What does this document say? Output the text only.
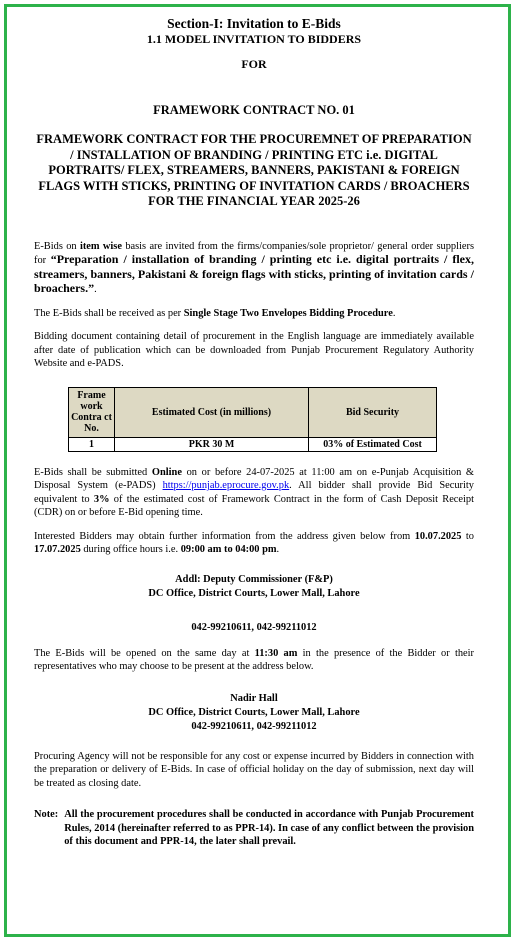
Section-I: Invitation to E-Bids
1.1 MODEL INVITATION TO BIDDERS
FOR
FRAMEWORK CONTRACT NO. 01
FRAMEWORK CONTRACT FOR THE PROCUREMNET OF PREPARATION / INSTALLATION OF BRANDING / PRINTING ETC i.e. DIGITAL PORTRAITS/ FLEX, STREAMERS, BANNERS, PAKISTANI & FOREIGN FLAGS WITH STICKS, PRINTING OF INVITATION CARDS / BROACHERS FOR THE FINANCIAL YEAR 2025-26

E-Bids on item wise basis are invited from the firms/companies/sole proprietor/ general order suppliers for “Preparation / installation of branding / printing etc i.e. digital portraits / flex, streamers, banners, Pakistani & foreign flags with sticks, printing of invitation cards / broachers.”.

The E-Bids shall be received as per Single Stage Two Envelopes Bidding Procedure.

Bidding document containing detail of procurement in the English language are immediately available after date of publication which can be downloaded from Punjab Procurement Regulatory Authority Website and e-PADS.

Frame work Contra ct No.	Estimated Cost (in millions)	Bid Security
1	PKR 30 M	03% of Estimated Cost

E-Bids shall be submitted Online on or before 24-07-2025 at 11:00 am on e-Punjab Acquisition & Disposal System (e-PADS) https://punjab.eprocure.gov.pk. All bidder shall provide Bid Security equivalent to 3% of the estimated cost of Framework Contract in the form of Cash Deposit Receipt (CDR) on or before E-Bid opening time.

Interested Bidders may obtain further information from the address given below from 10.07.2025 to 17.07.2025 during office hours i.e. 09:00 am to 04:00 pm.

Addl: Deputy Commissioner (F&P)
DC Office, District Courts, Lower Mall, Lahore
042-99210611, 042-99211012

The E-Bids will be opened on the same day at 11:30 am in the presence of the Bidder or their representatives who may choose to be present at the address below.

Nadir Hall
DC Office, District Courts, Lower Mall, Lahore
042-99210611, 042-99211012

Procuring Agency will not be responsible for any cost or expense incurred by Bidders in connection with the preparation or delivery of E-Bids. In case of official holiday on the day of submission, next day will be treated as closing date.

Note: All the procurement procedures shall be conducted in accordance with Punjab Procurement Rules, 2014 (hereinafter referred to as PPR-14). In case of any conflict between the provision of this document and PPR-14, the later shall prevail.
